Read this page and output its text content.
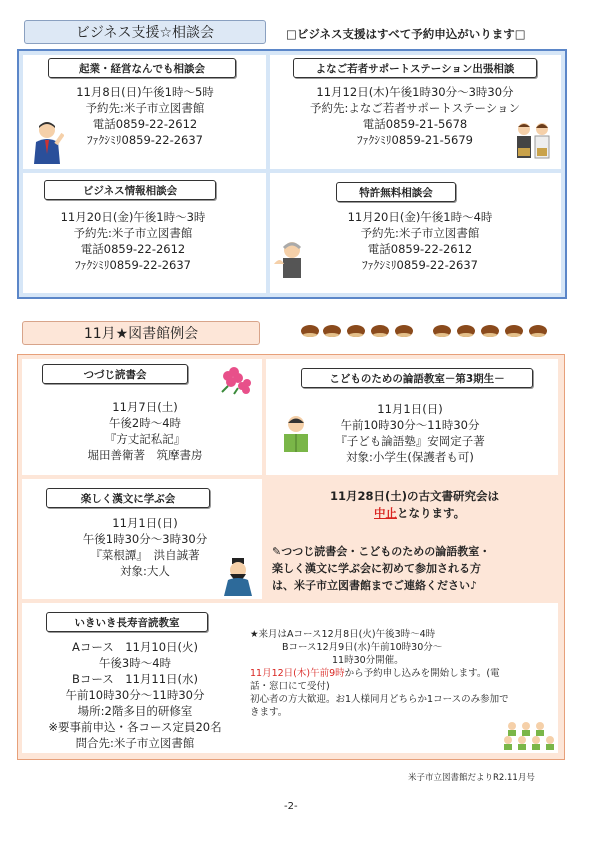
ビジネス支援☆相談会	□ビジネス支援はすべて予約申込がいります□
起業・経営なんでも相談会
11月8日(日)午後1時～5時
予約先:米子市立図書館
電話0859-22-2612
ﾌｧｸｼﾐﾘ0859-22-2637
よなご若者サポートステーション出張相談
11月12日(木)午後1時30分～3時30分
予約先:よなご若者サポートステーション
電話0859-21-5678
ﾌｧｸｼﾐﾘ0859-21-5679
ビジネス情報相談会
11月20日(金)午後1時～3時
予約先:米子市立図書館
電話0859-22-2612
ﾌｧｸｼﾐﾘ0859-22-2637
特許無料相談会
11月20日(金)午後1時～4時
予約先:米子市立図書館
電話0859-22-2612
ﾌｧｸｼﾐﾘ0859-22-2637
11月★図書館例会
つづじ読書会
11月7日(土)
午後2時～4時
『方丈記私記』
堀田善衛著　筑摩書房
こどものための論語教室－第3期生－
11月1日(日)
午前10時30分～11時30分
『子ども論語塾』安岡定子著
対象:小学生(保護者も可)
楽しく漢文に学ぶ会
11月1日(日)
午後1時30分～3時30分
『菜根譚』　洪自誠著
対象:大人
11月28日(土)の古文書研究会は
中止となります。
✎つつじ読書会・こどものための論語教室・
楽しく漢文に学ぶ会に初めて参加される方
は、米子市立図書館までご連絡ください♪
いきいき長寿音読教室
Aコース　11月10日(火)
午後3時～4時
Bコース　11月11日(水)
午前10時30分～11時30分
場所:2階多目的研修室
※要事前申込・各コース定員20名
問合先:米子市立図書館
★来月はAコース12月8日(火)午後3時～4時
Bコース12月9日(水)午前10時30分～
11時30分開催。
11月12日(木)午前9時から予約申し込みを開始します。(電
話・窓口にて受付)
初心者の方大歓迎。お1人様同月どちらか1コースのみ参加で
きます。
米子市立図書館だよりR2.11月号
-2-
